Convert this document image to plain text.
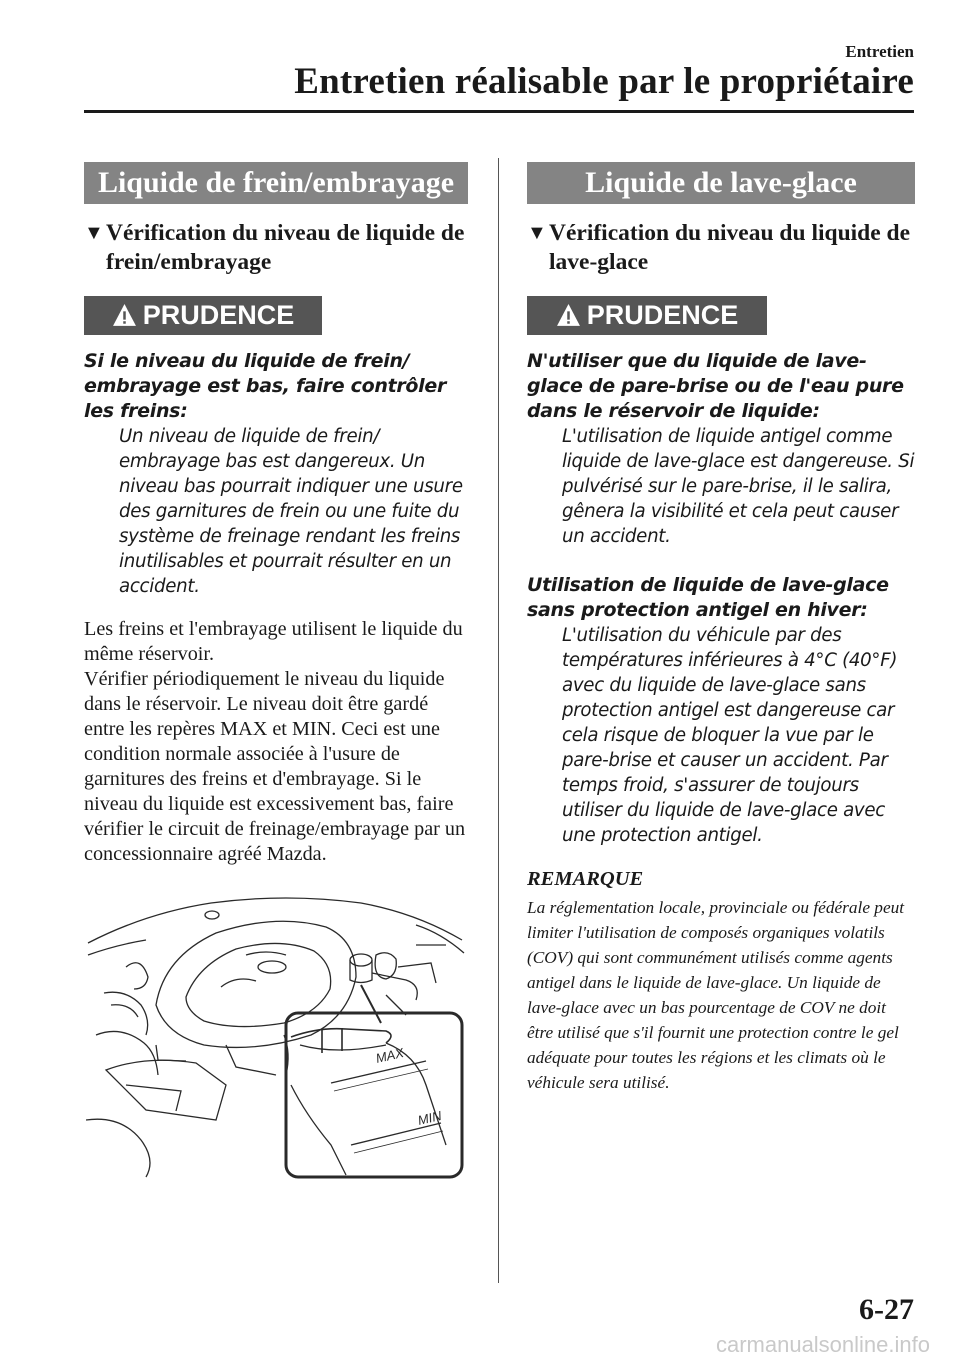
Entretien
Entretien réalisable par le propriétaire
Liquide de frein/embrayage
▼ Vérification du niveau de liquide de frein/embrayage
PRUDENCE
Si le niveau du liquide de frein/ embrayage est bas, faire contrôler les freins:
Un niveau de liquide de frein/ embrayage bas est dangereux. Un niveau bas pourrait indiquer une usure des garnitures de frein ou une fuite du système de freinage rendant les freins inutilisables et pourrait résulter en un accident.
Les freins et l'embrayage utilisent le liquide du même réservoir.
Vérifier périodiquement le niveau du liquide dans le réservoir. Le niveau doit être gardé entre les repères MAX et MIN. Ceci est une condition normale associée à l'usure de garnitures des freins et d'embrayage. Si le niveau du liquide est excessivement bas, faire vérifier le circuit de freinage/embrayage par un concessionnaire agréé Mazda.
MAX
MIN
Liquide de lave-glace
▼ Vérification du niveau du liquide de lave-glace
PRUDENCE
N'utiliser que du liquide de lave-glace de pare-brise ou de l'eau pure dans le réservoir de liquide:
L'utilisation de liquide antigel comme liquide de lave-glace est dangereuse. Si pulvérisé sur le pare-brise, il le salira, gênera la visibilité et cela peut causer un accident.
Utilisation de liquide de lave-glace sans protection antigel en hiver:
L'utilisation du véhicule par des températures inférieures à 4°C (40°F) avec du liquide de lave-glace sans protection antigel est dangereuse car cela risque de bloquer la vue par le pare-brise et causer un accident. Par temps froid, s'assurer de toujours utiliser du liquide de lave-glace avec une protection antigel.
REMARQUE
La réglementation locale, provinciale ou fédérale peut limiter l'utilisation de composés organiques volatils (COV) qui sont communément utilisés comme agents antigel dans le liquide de lave-glace. Un liquide de lave-glace avec un bas pourcentage de COV ne doit être utilisé que s'il fournit une protection contre le gel adéquate pour toutes les régions et les climats où le véhicule sera utilisé.
6-27
carmanualsonline.info
